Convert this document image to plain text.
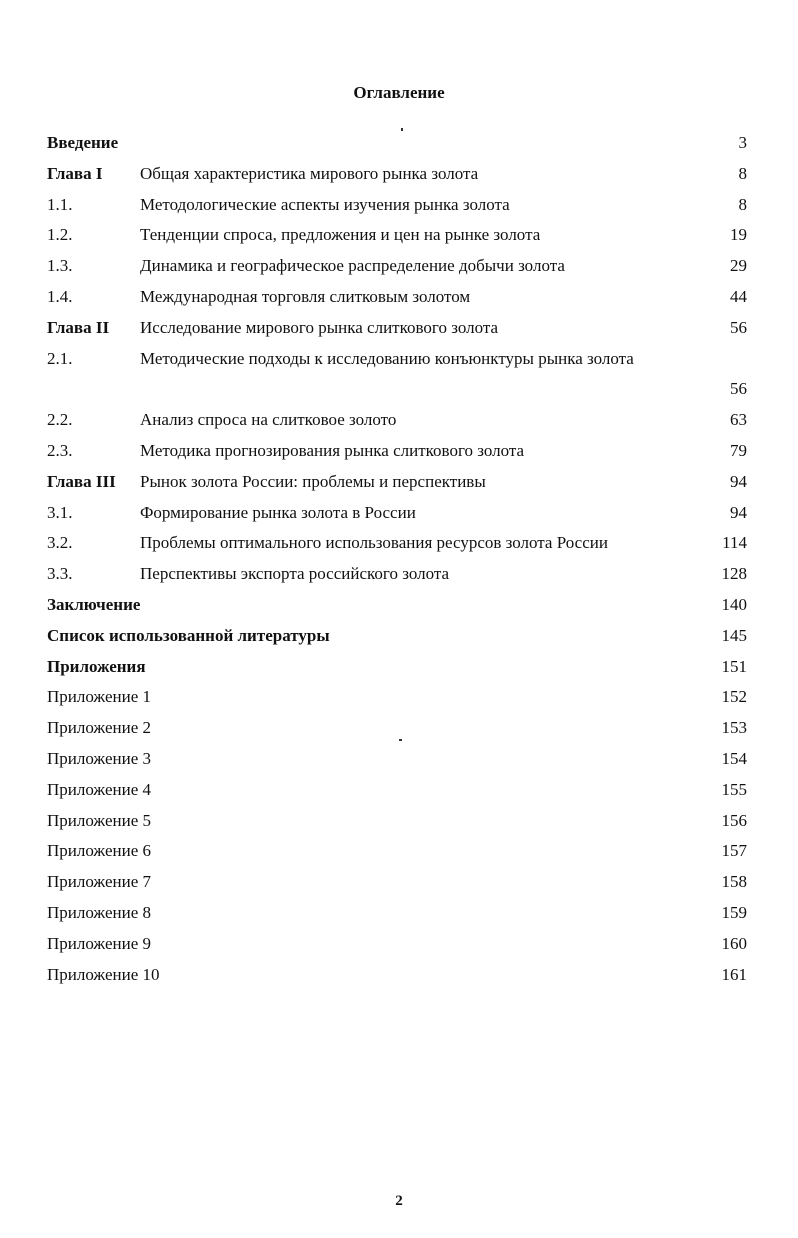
Оглавление
Введение	3
Глава I Общая характеристика мирового рынка золота	8
1.1.	Методологические аспекты изучения рынка золота	8
1.2.	Тенденции спроса, предложения и цен на рынке золота	19
1.3.	Динамика и географическое распределение добычи золота	29
1.4.	Международная торговля слитковым золотом	44
Глава II Исследование мирового рынка слиткового золота	56
2.1.	Методические подходы к исследованию конъюнктуры рынка золота
56
2.2.	Анализ спроса на слитковое золото	63
2.3.	Методика прогнозирования рынка слиткового золота	79
Глава III Рынок золота России: проблемы и перспективы	94
3.1.	Формирование рынка золота в России	94
3.2.	Проблемы оптимального использования ресурсов золота России	114
3.3.	Перспективы экспорта российского золота	128
Заключение	140
Список использованной литературы	145
Приложения	151
Приложение 1	152
Приложение 2	153
Приложение 3	154
Приложение 4	155
Приложение 5	156
Приложение 6	157
Приложение 7	158
Приложение 8	159
Приложение 9	160
Приложение 10	161
2
